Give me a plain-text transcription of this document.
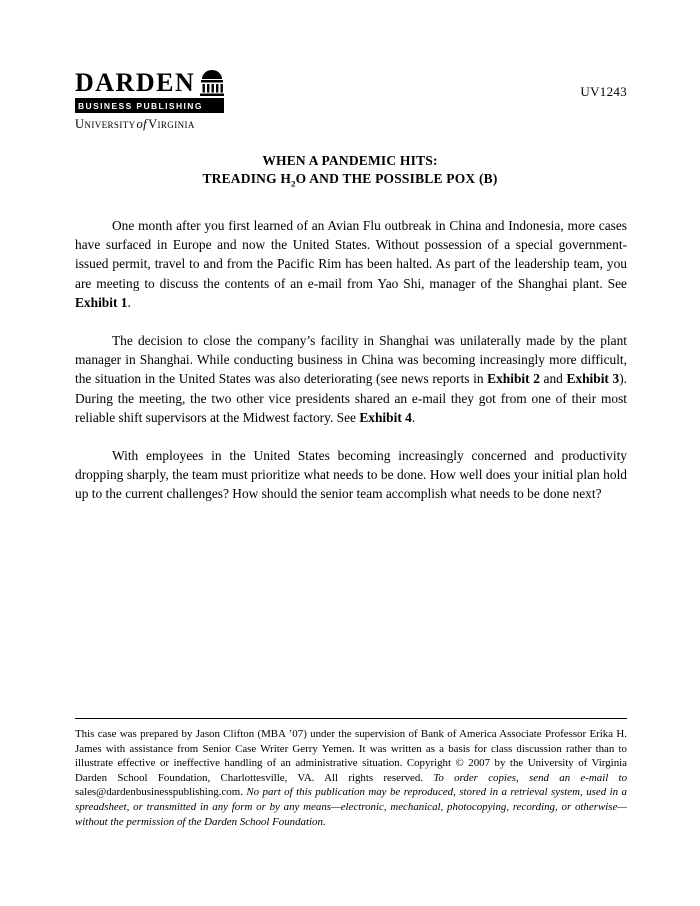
UV1243
DARDEN
BUSINESS PUBLISHING
UniversityofVirginia
WHEN A PANDEMIC HITS:
TREADING $H_2O$ AND THE POSSIBLE POX (B)

One month after you first learned of an Avian Flu outbreak in China and Indonesia, more cases have surfaced in Europe and now the United States. Without possession of a special government-issued permit, travel to and from the Pacific Rim has been halted. As part of the leadership team, you are meeting to discuss the contents of an e-mail from Yao Shi, manager of the Shanghai plant. See Exhibit 1.

The decision to close the company’s facility in Shanghai was unilaterally made by the plant manager in Shanghai. While conducting business in China was becoming increasingly more difficult, the situation in the United States was also deteriorating (see news reports in Exhibit 2 and Exhibit 3). During the meeting, the two other vice presidents shared an e-mail they got from one of their most reliable shift supervisors at the Midwest factory. See Exhibit 4.

With employees in the United States becoming increasingly concerned and productivity dropping sharply, the team must prioritize what needs to be done. How well does your initial plan hold up to the current challenges? How should the senior team accomplish what needs to be done next?

This case was prepared by Jason Clifton (MBA ’07) under the supervision of Bank of America Associate Professor Erika H. James with assistance from Senior Case Writer Gerry Yemen. It was written as a basis for class discussion rather than to illustrate effective or ineffective handling of an administrative situation. Copyright © 2007 by the University of Virginia Darden School Foundation, Charlottesville, VA. All rights reserved. To order copies, send an e-mail to sales@dardenbusinesspublishing.com. No part of this publication may be reproduced, stored in a retrieval system, used in a spreadsheet, or transmitted in any form or by any means—electronic, mechanical, photocopying, recording, or otherwise—without the permission of the Darden School Foundation.
